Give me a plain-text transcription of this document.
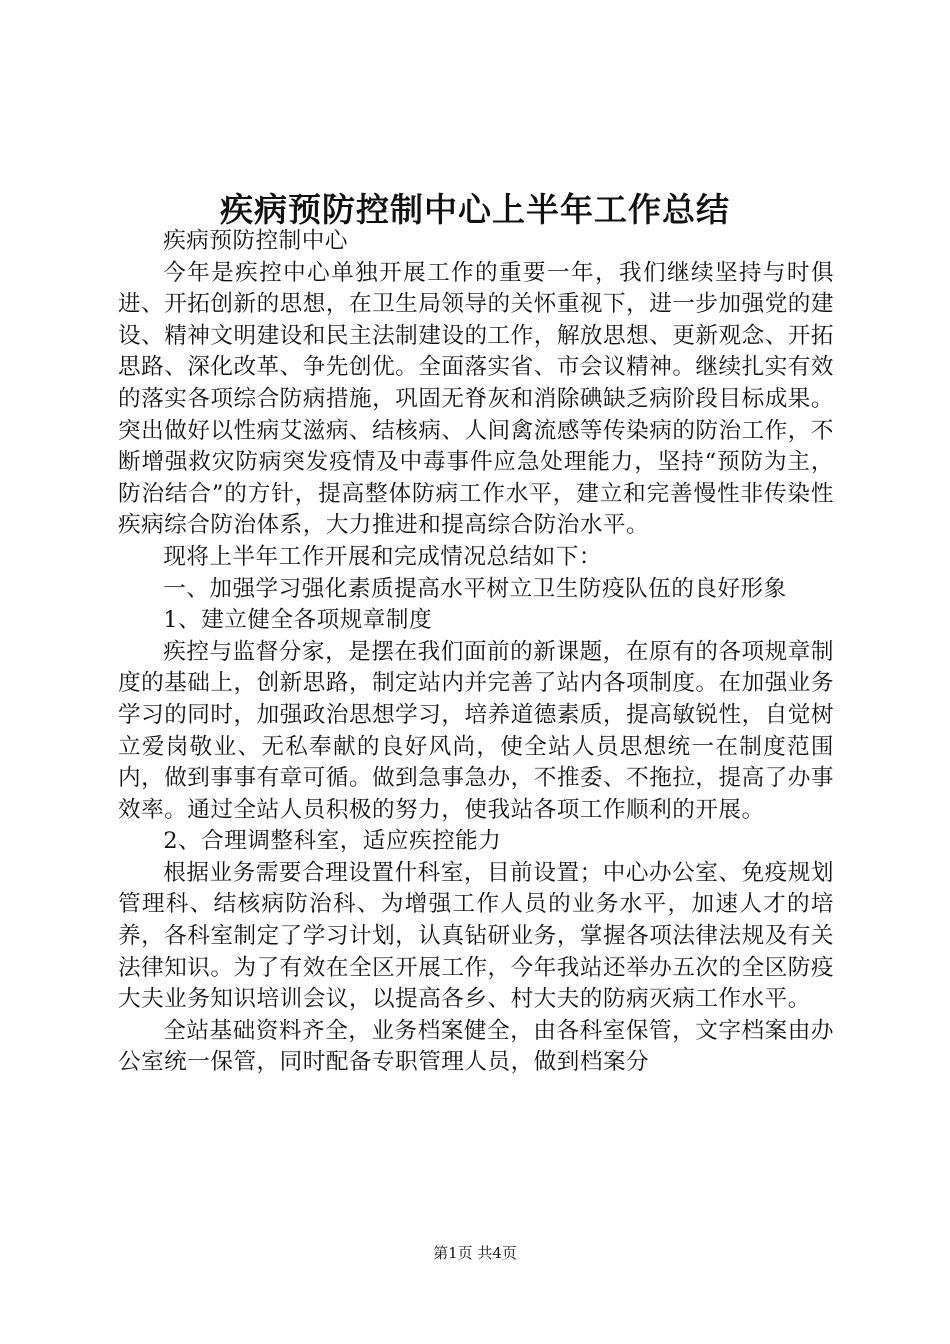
疾病预防控制中心上半年工作总结

疾病预防控制中心

今年是疾控中心单独开展工作的重要一年，我们继续坚持与时俱进、开拓创新的思想，在卫生局领导的关怀重视下，进一步加强党的建设、精神文明建设和民主法制建设的工作，解放思想、更新观念、开拓思路、深化改革、争先创优。全面落实省、市会议精神。继续扎实有效的落实各项综合防病措施，巩固无脊灰和消除碘缺乏病阶段目标成果。突出做好以性病艾滋病、结核病、人间禽流感等传染病的防治工作，不断增强救灾防病突发疫情及中毒事件应急处理能力，坚持“预防为主，防治结合”的方针，提高整体防病工作水平，建立和完善慢性非传染性疾病综合防治体系，大力推进和提高综合防治水平。

现将上半年工作开展和完成情况总结如下：

一、加强学习强化素质提高水平树立卫生防疫队伍的良好形象

1、建立健全各项规章制度

疾控与监督分家，是摆在我们面前的新课题，在原有的各项规章制度的基础上，创新思路，制定站内并完善了站内各项制度。在加强业务学习的同时，加强政治思想学习，培养道德素质，提高敏锐性，自觉树立爱岗敬业、无私奉献的良好风尚，使全站人员思想统一在制度范围内，做到事事有章可循。做到急事急办，不推委、不拖拉，提高了办事效率。通过全站人员积极的努力，使我站各项工作顺利的开展。

2、合理调整科室，适应疾控能力

根据业务需要合理设置什科室，目前设置；中心办公室、免疫规划管理科、结核病防治科、为增强工作人员的业务水平，加速人才的培养，各科室制定了学习计划，认真钻研业务，掌握各项法律法规及有关法律知识。为了有效在全区开展工作，今年我站还举办五次的全区防疫大夫业务知识培训会议，以提高各乡、村大夫的防病灭病工作水平。

全站基础资料齐全，业务档案健全，由各科室保管，文字档案由办公室统一保管，同时配备专职管理人员，做到档案分

第1页 共4页
